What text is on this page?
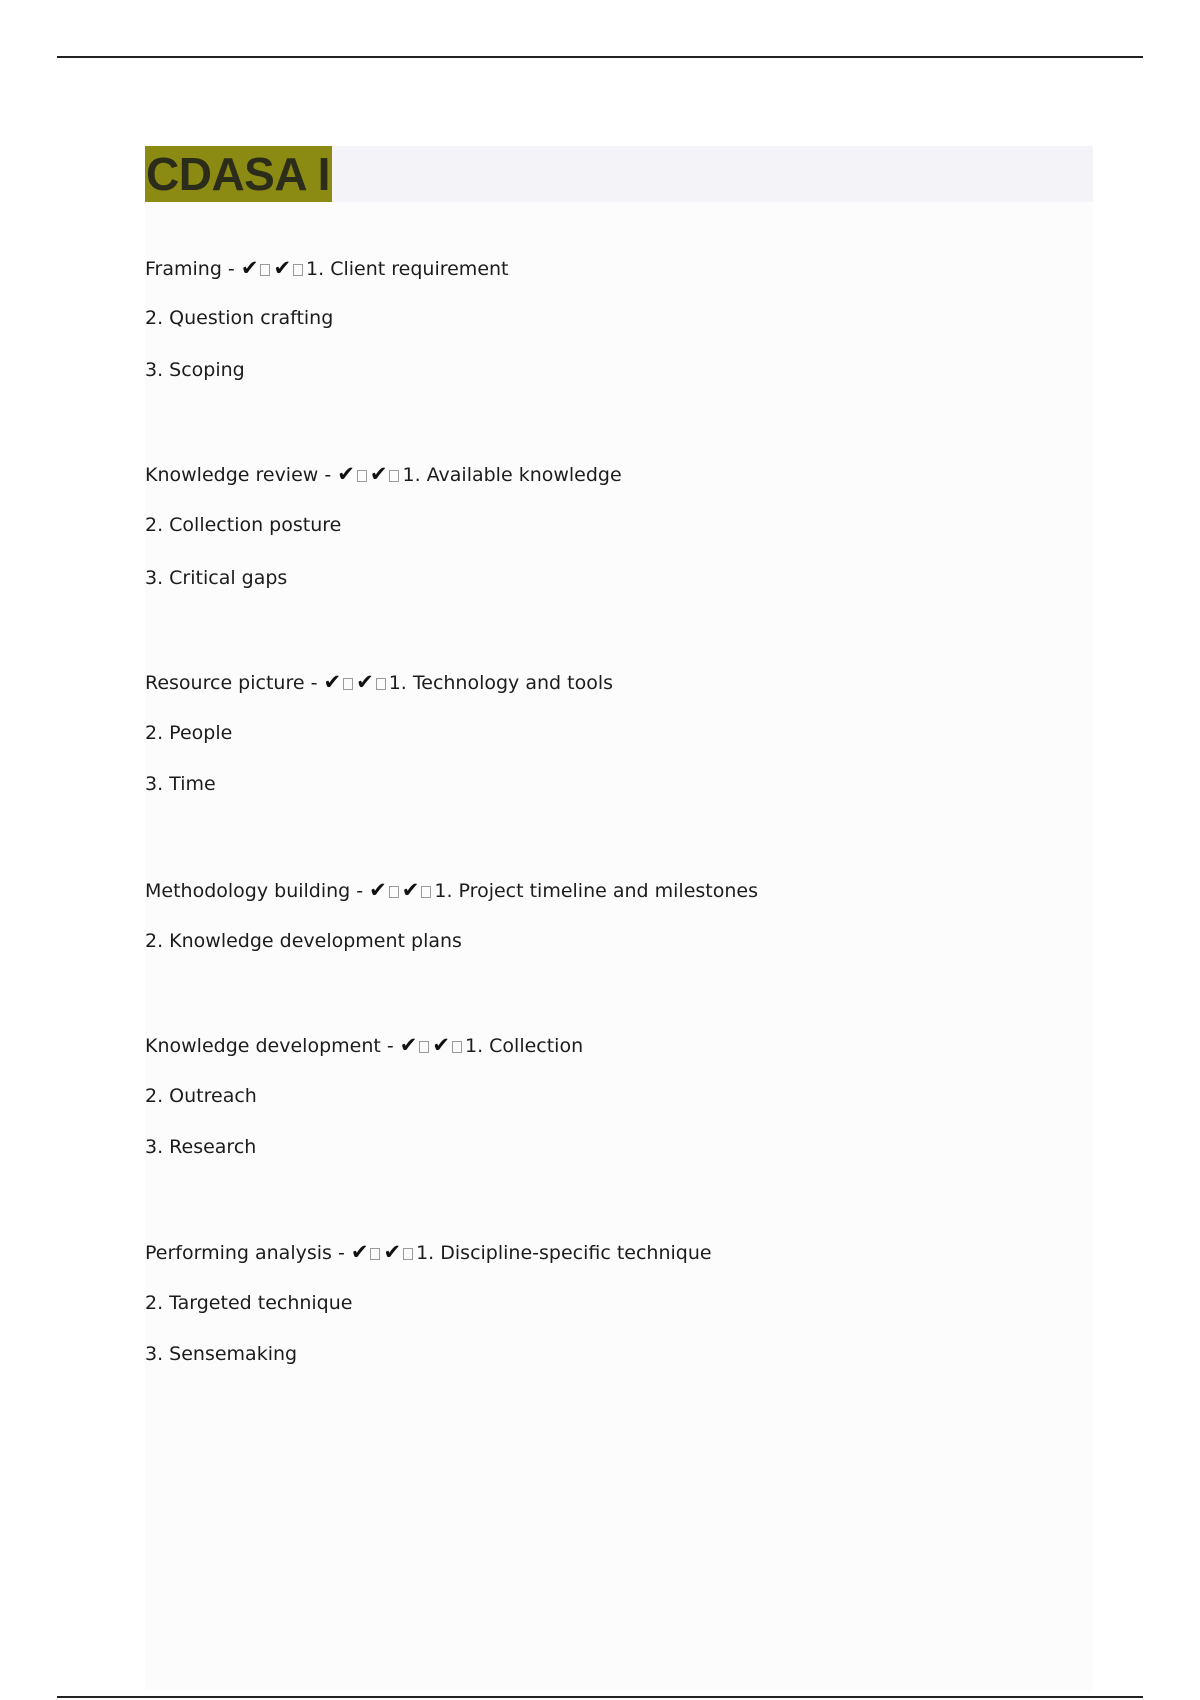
CDASA I
Framing - ✔ ✔ 1. Client requirement
2. Question crafting
3. Scoping
Knowledge review - ✔ ✔ 1. Available knowledge
2. Collection posture
3. Critical gaps
Resource picture - ✔ ✔ 1. Technology and tools
2. People
3. Time
Methodology building - ✔ ✔ 1. Project timeline and milestones
2. Knowledge development plans
Knowledge development - ✔ ✔ 1. Collection
2. Outreach
3. Research
Performing analysis - ✔ ✔ 1. Discipline-specific technique
2. Targeted technique
3. Sensemaking
